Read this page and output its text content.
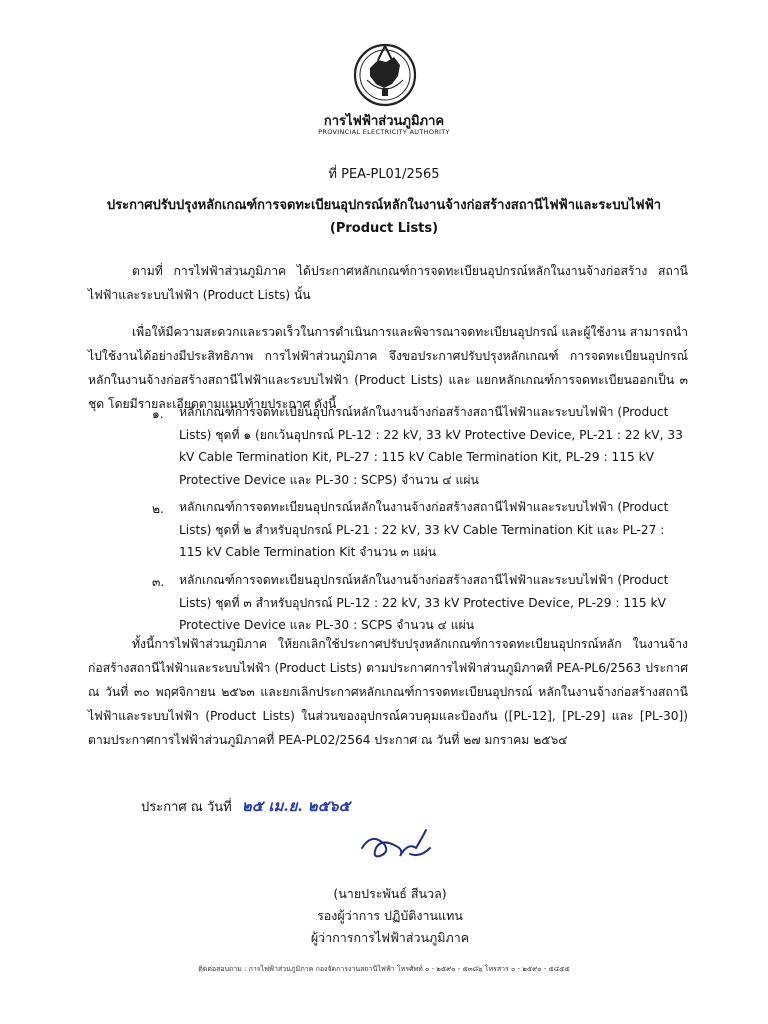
การไฟฟ้าส่วนภูมิภาค
PROVINCIAL ELECTRICITY AUTHORITY
ที่ PEA-PL01/2565
ประกาศปรับปรุงหลักเกณฑ์การจดทะเบียนอุปกรณ์หลักในงานจ้างก่อสร้างสถานีไฟฟ้าและระบบไฟฟ้า
(Product Lists)
ตามที่ การไฟฟ้าส่วนภูมิภาค ได้ประกาศหลักเกณฑ์การจดทะเบียนอุปกรณ์หลักในงานจ้างก่อสร้าง สถานีไฟฟ้าและระบบไฟฟ้า (Product Lists) นั้น
เพื่อให้มีความสะดวกและรวดเร็วในการดำเนินการและพิจารณาจดทะเบียนอุปกรณ์ และผู้ใช้งาน สามารถนำไปใช้งานได้อย่างมีประสิทธิภาพ การไฟฟ้าส่วนภูมิภาค จึงขอประกาศปรับปรุงหลักเกณฑ์ การจดทะเบียนอุปกรณ์หลักในงานจ้างก่อสร้างสถานีไฟฟ้าและระบบไฟฟ้า (Product Lists) และ แยกหลักเกณฑ์การจดทะเบียนออกเป็น ๓ ชุด โดยมีรายละเอียดตามแนบท้ายประกาศ ดังนี้
๑. หลักเกณฑ์การจดทะเบียนอุปกรณ์หลักในงานจ้างก่อสร้างสถานีไฟฟ้าและระบบไฟฟ้า (Product Lists) ชุดที่ ๑ (ยกเว้นอุปกรณ์ PL-12 : 22 kV, 33 kV Protective Device, PL-21 : 22 kV, 33 kV Cable Termination Kit, PL-27 : 115 kV Cable Termination Kit, PL-29 : 115 kV Protective Device และ PL-30 : SCPS) จำนวน ๔ แผ่น
๒. หลักเกณฑ์การจดทะเบียนอุปกรณ์หลักในงานจ้างก่อสร้างสถานีไฟฟ้าและระบบไฟฟ้า (Product Lists) ชุดที่ ๒ สำหรับอุปกรณ์ PL-21 : 22 kV, 33 kV Cable Termination Kit และ PL-27 : 115 kV Cable Termination Kit จำนวน ๓ แผ่น
๓. หลักเกณฑ์การจดทะเบียนอุปกรณ์หลักในงานจ้างก่อสร้างสถานีไฟฟ้าและระบบไฟฟ้า (Product Lists) ชุดที่ ๓ สำหรับอุปกรณ์ PL-12 : 22 kV, 33 kV Protective Device, PL-29 : 115 kV Protective Device และ PL-30 : SCPS จำนวน ๔ แผ่น
ทั้งนี้การไฟฟ้าส่วนภูมิภาค ให้ยกเลิกใช้ประกาศปรับปรุงหลักเกณฑ์การจดทะเบียนอุปกรณ์หลัก ในงานจ้างก่อสร้างสถานีไฟฟ้าและระบบไฟฟ้า (Product Lists) ตามประกาศการไฟฟ้าส่วนภูมิภาคที่ PEA-PL6/2563 ประกาศ ณ วันที่ ๓๐ พฤศจิกายน ๒๕๖๓ และยกเลิกประกาศหลักเกณฑ์การจดทะเบียนอุปกรณ์ หลักในงานจ้างก่อสร้างสถานีไฟฟ้าและระบบไฟฟ้า (Product Lists) ในส่วนของอุปกรณ์ควบคุมและป้องกัน ([PL-12], [PL-29] และ [PL-30]) ตามประกาศการไฟฟ้าส่วนภูมิภาคที่ PEA-PL02/2564 ประกาศ ณ วันที่ ๒๗ มกราคม ๒๕๖๔
ประกาศ ณ วันที่ ๒๕ เม.ย. ๒๕๖๕
(นายประพันธ์ สีนวล)
รองผู้ว่าการ ปฏิบัติงานแทน
ผู้ว่าการการไฟฟ้าส่วนภูมิภาค
ติดต่อสอบถาม : การไฟฟ้าส่วนภูมิภาค กองจัดการงานสถานีไฟฟ้า โทรศัพท์ ๐ - ๒๕๙๐ - ๕๓๘๖ โทรสาร ๐ - ๒๕๙๐ - ๕๔๕๕
